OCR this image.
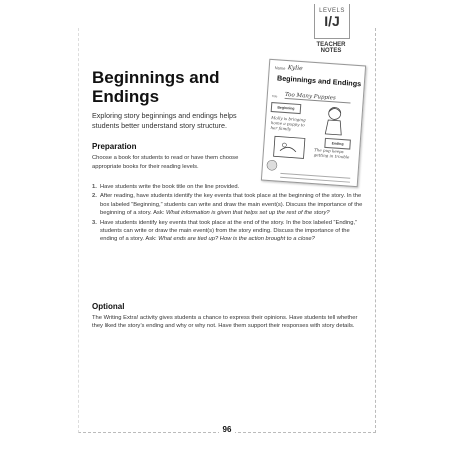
LEVELS
I/J
TEACHER NOTES
Beginnings and Endings
Exploring story beginnings and endings helps students better understand story structure.
Preparation
Choose a book for students to read or have them choose appropriate books for their reading levels.
1. Have students write the book title on the line provided.
2. After reading, have students identify the key events that took place at the beginning of the story. In the box labeled “Beginning,” students can write and draw the main event(s). Discuss the importance of the beginning of a story. Ask: What information is given that helps set up the rest of the story?
3. Have students identify key events that took place at the end of the story. In the box labeled “Ending,” students can write or draw the main event(s) from the story ending. Discuss the importance of the ending of a story. Ask: What ends are tied up? How is the action brought to a close?
Optional
The Writing Extra! activity gives students a chance to express their opinions. Have students tell whether they liked the story’s ending and why or why not. Have them support their responses with story details.
Name Kylie
Beginnings and Endings
Title Too Many Puppies
Beginning
Molly is bringing home a puppy to her family
Ending
The pup keeps getting in trouble
96
